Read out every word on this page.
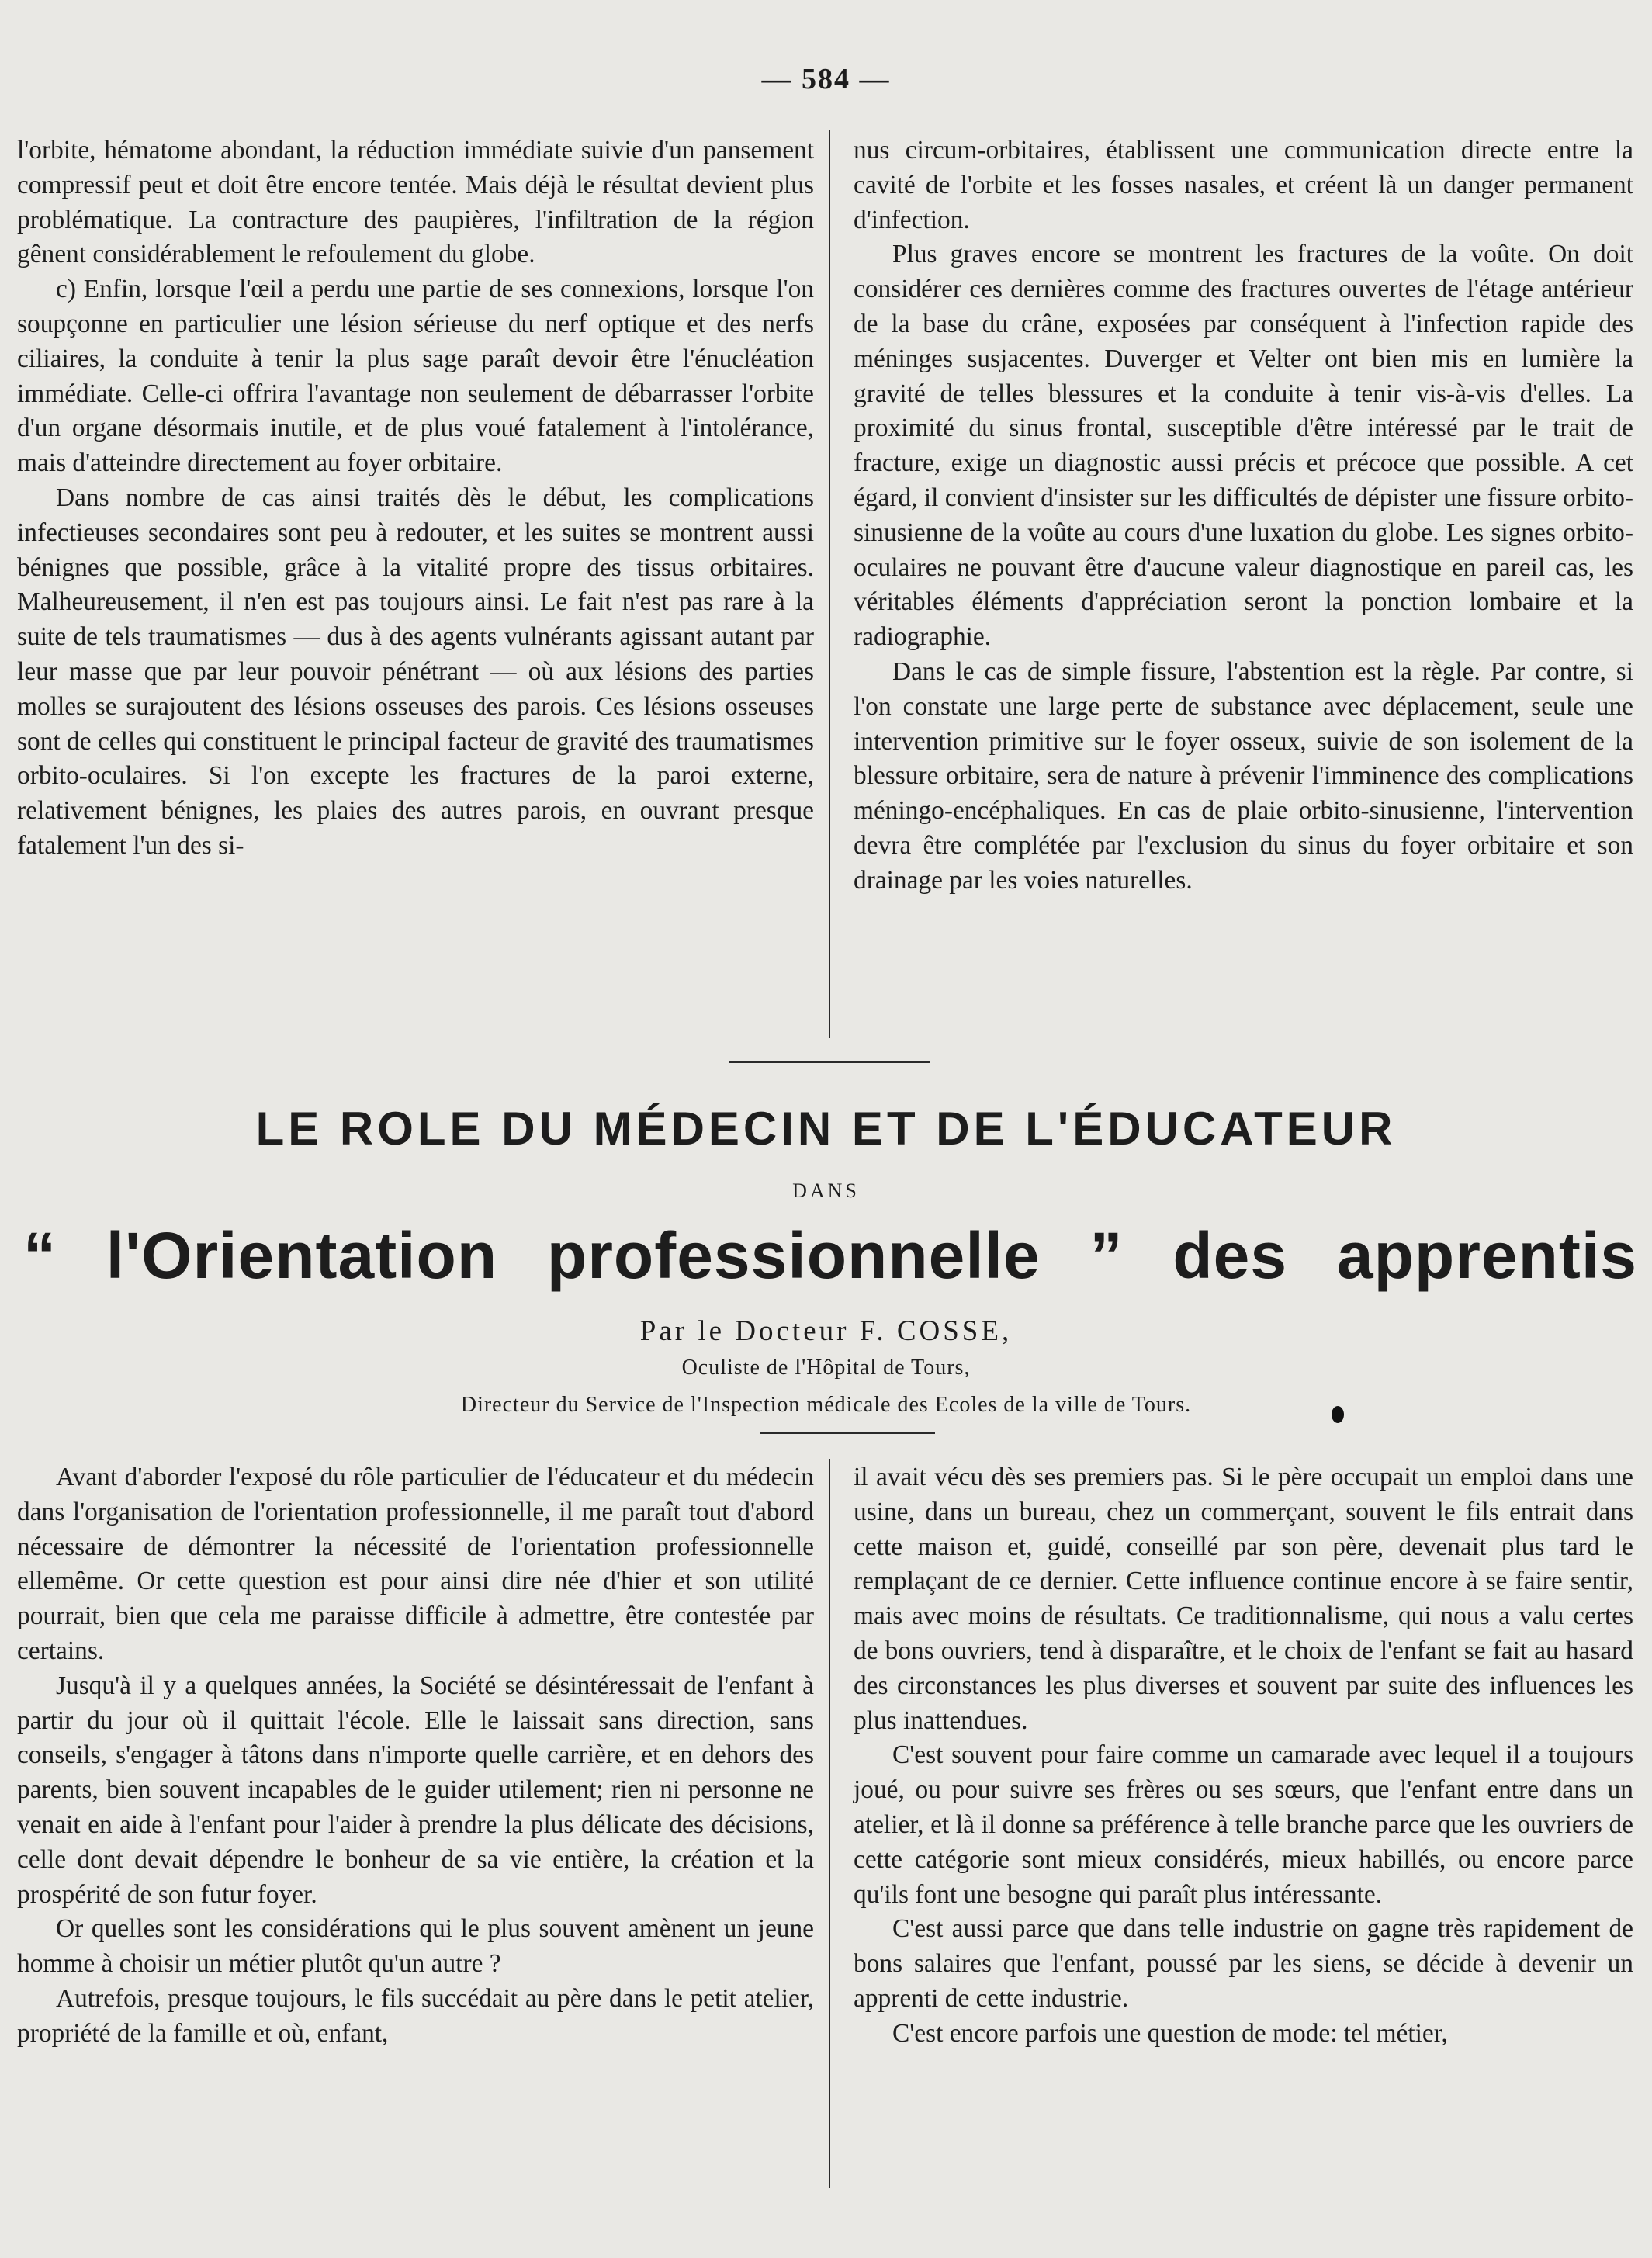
— 584 —

l'orbite, hématome abondant, la réduction immédiate suivie d'un pansement compressif peut et doit être encore tentée. Mais déjà le résultat devient plus problématique. La contracture des paupières, l'infiltration de la région gênent considérablement le refoulement du globe.

c) Enfin, lorsque l'œil a perdu une partie de ses connexions, lorsque l'on soupçonne en particulier une lésion sérieuse du nerf optique et des nerfs ciliaires, la conduite à tenir la plus sage paraît devoir être l'énucléation immédiate. Celle-ci offrira l'avantage non seulement de débarrasser l'orbite d'un organe désormais inutile, et de plus voué fatalement à l'intolérance, mais d'atteindre directement au foyer orbitaire.

Dans nombre de cas ainsi traités dès le début, les complications infectieuses secondaires sont peu à redouter, et les suites se montrent aussi bénignes que possible, grâce à la vitalité propre des tissus orbitaires. Malheureusement, il n'en est pas toujours ainsi. Le fait n'est pas rare à la suite de tels traumatismes — dus à des agents vulnérants agissant autant par leur masse que par leur pouvoir pénétrant — où aux lésions des parties molles se surajoutent des lésions osseuses des parois. Ces lésions osseuses sont de celles qui constituent le principal facteur de gravité des traumatismes orbito-oculaires. Si l'on excepte les fractures de la paroi externe, relativement bénignes, les plaies des autres parois, en ouvrant presque fatalement l'un des si-

nus circum-orbitaires, établissent une communication directe entre la cavité de l'orbite et les fosses nasales, et créent là un danger permanent d'infection.

Plus graves encore se montrent les fractures de la voûte. On doit considérer ces dernières comme des fractures ouvertes de l'étage antérieur de la base du crâne, exposées par conséquent à l'infection rapide des méninges susjacentes. Duverger et Velter ont bien mis en lumière la gravité de telles blessures et la conduite à tenir vis-à-vis d'elles. La proximité du sinus frontal, susceptible d'être intéressé par le trait de fracture, exige un diagnostic aussi précis et précoce que possible. A cet égard, il convient d'insister sur les difficultés de dépister une fissure orbito-sinusienne de la voûte au cours d'une luxation du globe. Les signes orbito-oculaires ne pouvant être d'aucune valeur diagnostique en pareil cas, les véritables éléments d'appréciation seront la ponction lombaire et la radiographie.

Dans le cas de simple fissure, l'abstention est la règle. Par contre, si l'on constate une large perte de substance avec déplacement, seule une intervention primitive sur le foyer osseux, suivie de son isolement de la blessure orbitaire, sera de nature à prévenir l'imminence des complications méningo-encéphaliques. En cas de plaie orbito-sinusienne, l'intervention devra être complétée par l'exclusion du sinus du foyer orbitaire et son drainage par les voies naturelles.

LE ROLE DU MÉDECIN ET DE L'ÉDUCATEUR
DANS
“ l'Orientation professionnelle ” des apprentis
Par le Docteur F. COSSE,
Oculiste de l'Hôpital de Tours,
Directeur du Service de l'Inspection médicale des Ecoles de la ville de Tours.

Avant d'aborder l'exposé du rôle particulier de l'éducateur et du médecin dans l'organisation de l'orientation professionnelle, il me paraît tout d'abord nécessaire de démontrer la nécessité de l'orientation professionnelle ellemême. Or cette question est pour ainsi dire née d'hier et son utilité pourrait, bien que cela me paraisse difficile à admettre, être contestée par certains.

Jusqu'à il y a quelques années, la Société se désintéressait de l'enfant à partir du jour où il quittait l'école. Elle le laissait sans direction, sans conseils, s'engager à tâtons dans n'importe quelle carrière, et en dehors des parents, bien souvent incapables de le guider utilement; rien ni personne ne venait en aide à l'enfant pour l'aider à prendre la plus délicate des décisions, celle dont devait dépendre le bonheur de sa vie entière, la création et la prospérité de son futur foyer.

Or quelles sont les considérations qui le plus souvent amènent un jeune homme à choisir un métier plutôt qu'un autre ?

Autrefois, presque toujours, le fils succédait au père dans le petit atelier, propriété de la famille et où, enfant,

il avait vécu dès ses premiers pas. Si le père occupait un emploi dans une usine, dans un bureau, chez un commerçant, souvent le fils entrait dans cette maison et, guidé, conseillé par son père, devenait plus tard le remplaçant de ce dernier. Cette influence continue encore à se faire sentir, mais avec moins de résultats. Ce traditionnalisme, qui nous a valu certes de bons ouvriers, tend à disparaître, et le choix de l'enfant se fait au hasard des circonstances les plus diverses et souvent par suite des influences les plus inattendues.

C'est souvent pour faire comme un camarade avec lequel il a toujours joué, ou pour suivre ses frères ou ses sœurs, que l'enfant entre dans un atelier, et là il donne sa préférence à telle branche parce que les ouvriers de cette catégorie sont mieux considérés, mieux habillés, ou encore parce qu'ils font une besogne qui paraît plus intéressante.

C'est aussi parce que dans telle industrie on gagne très rapidement de bons salaires que l'enfant, poussé par les siens, se décide à devenir un apprenti de cette industrie.

C'est encore parfois une question de mode: tel métier,
